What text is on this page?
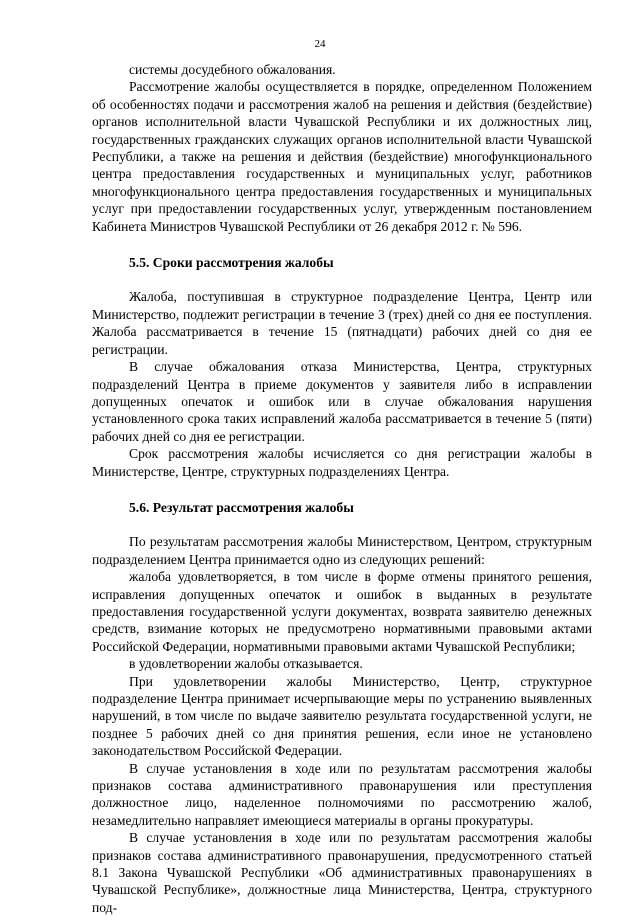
24

системы досудебного обжалования.

Рассмотрение жалобы осуществляется в порядке, определенном Положением об особенностях подачи и рассмотрения жалоб на решения и действия (бездействие) органов исполнительной власти Чувашской Республики и их должностных лиц, государственных гражданских служащих органов исполнительной власти Чувашской Республики, а также на решения и действия (бездействие) многофункционального центра предоставления государственных и муниципальных услуг, работников многофункционального центра предоставления государственных и муниципальных услуг при предоставлении государственных услуг, утвержденным постановлением Кабинета Министров Чувашской Республики от 26 декабря 2012 г. № 596.

5.5. Сроки рассмотрения жалобы

Жалоба, поступившая в структурное подразделение Центра, Центр или Министерство, подлежит регистрации в течение 3 (трех) дней со дня ее поступления. Жалоба рассматривается в течение 15 (пятнадцати) рабочих дней со дня ее регистрации.

В случае обжалования отказа Министерства, Центра, структурных подразделений Центра в приеме документов у заявителя либо в исправлении допущенных опечаток и ошибок или в случае обжалования нарушения установленного срока таких исправлений жалоба рассматривается в течение 5 (пяти) рабочих дней со дня ее регистрации.

Срок рассмотрения жалобы исчисляется со дня регистрации жалобы в Министерстве, Центре, структурных подразделениях Центра.

5.6. Результат рассмотрения жалобы

По результатам рассмотрения жалобы Министерством, Центром, структурным подразделением Центра принимается одно из следующих решений:

жалоба удовлетворяется, в том числе в форме отмены принятого решения, исправления допущенных опечаток и ошибок в выданных в результате предоставления государственной услуги документах, возврата заявителю денежных средств, взимание которых не предусмотрено нормативными правовыми актами Российской Федерации, нормативными правовыми актами Чувашской Республики;

в удовлетворении жалобы отказывается.

При удовлетворении жалобы Министерство, Центр, структурное подразделение Центра принимает исчерпывающие меры по устранению выявленных нарушений, в том числе по выдаче заявителю результата государственной услуги, не позднее 5 рабочих дней со дня принятия решения, если иное не установлено законодательством Российской Федерации.

В случае установления в ходе или по результатам рассмотрения жалобы признаков состава административного правонарушения или преступления должностное лицо, наделенное полномочиями по рассмотрению жалоб, незамедлительно направляет имеющиеся материалы в органы прокуратуры.

В случае установления в ходе или по результатам рассмотрения жалобы признаков состава административного правонарушения, предусмотренного статьей 8.1 Закона Чувашской Республики «Об административных правонарушениях в Чувашской Республике», должностные лица Министерства, Центра, структурного под-
